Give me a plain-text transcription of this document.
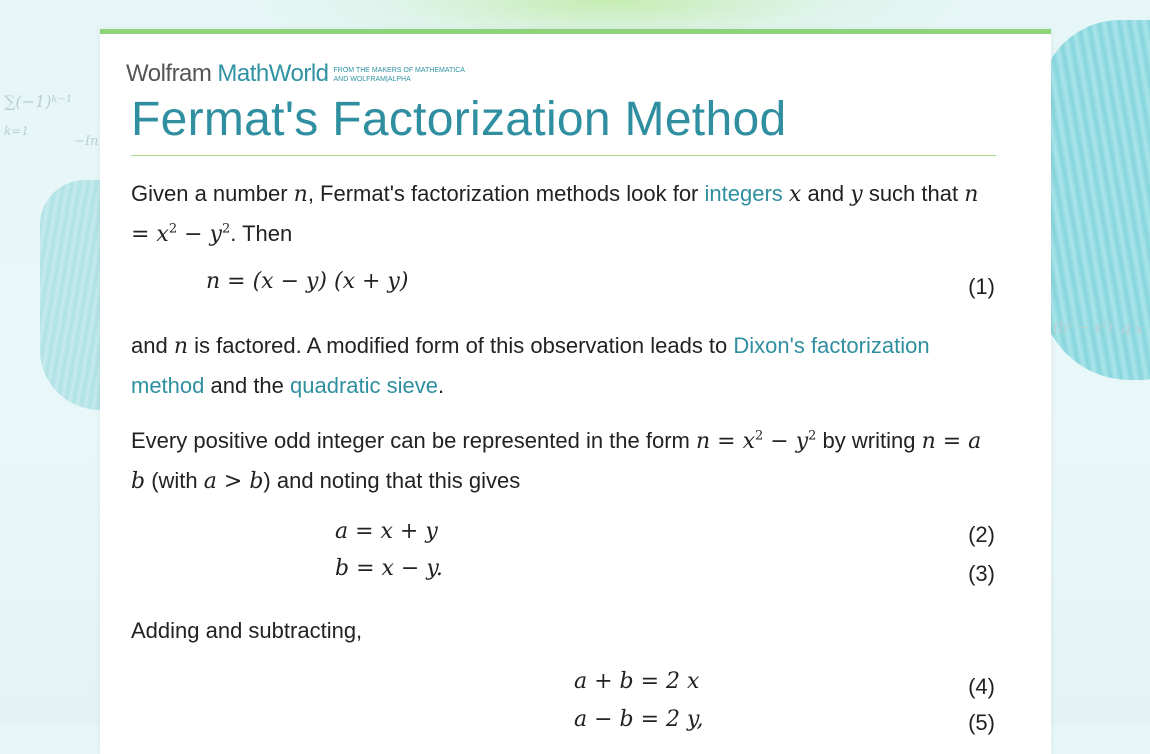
∑(−1)ᵏ⁻¹
k=1
−In
(b² − x²) d x
Wolfram MathWorld FROM THE MAKERS OF MATHEMATICA
AND WOLFRAM|ALPHA
Fermat's Factorization Method

Given a number n, Fermat's factorization methods look for integers x and y such that $n = x^2 - y^2$. Then

n = (x − y) (x + y)	(1)

and n is factored. A modified form of this observation leads to Dixon's factorization method and the quadratic sieve.

Every positive odd integer can be represented in the form $n = x^2 - y^2$ by writing n = a b (with a > b) and noting that this gives

a = x + y	(2)
b = x − y.	(3)

Adding and subtracting,

a + b = 2 x	(4)
a − b = 2 y,	(5)
